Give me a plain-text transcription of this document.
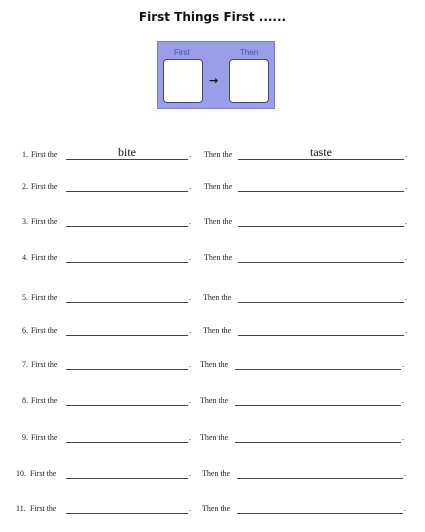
First Things First ......
First	Then
→
1. First the	bite	. Then the	taste	.
2. First the	. Then the	.
3. First the	. Then the	.
4. First the	. Then the	.
5. First the	. Then the	.
6. First the	. Then the	.
7. First the	. Then the	.
8. First the	. Then the	.
9. First the	. Then the	.
10. First the	. Then the	.
11. First the	. Then the	.
